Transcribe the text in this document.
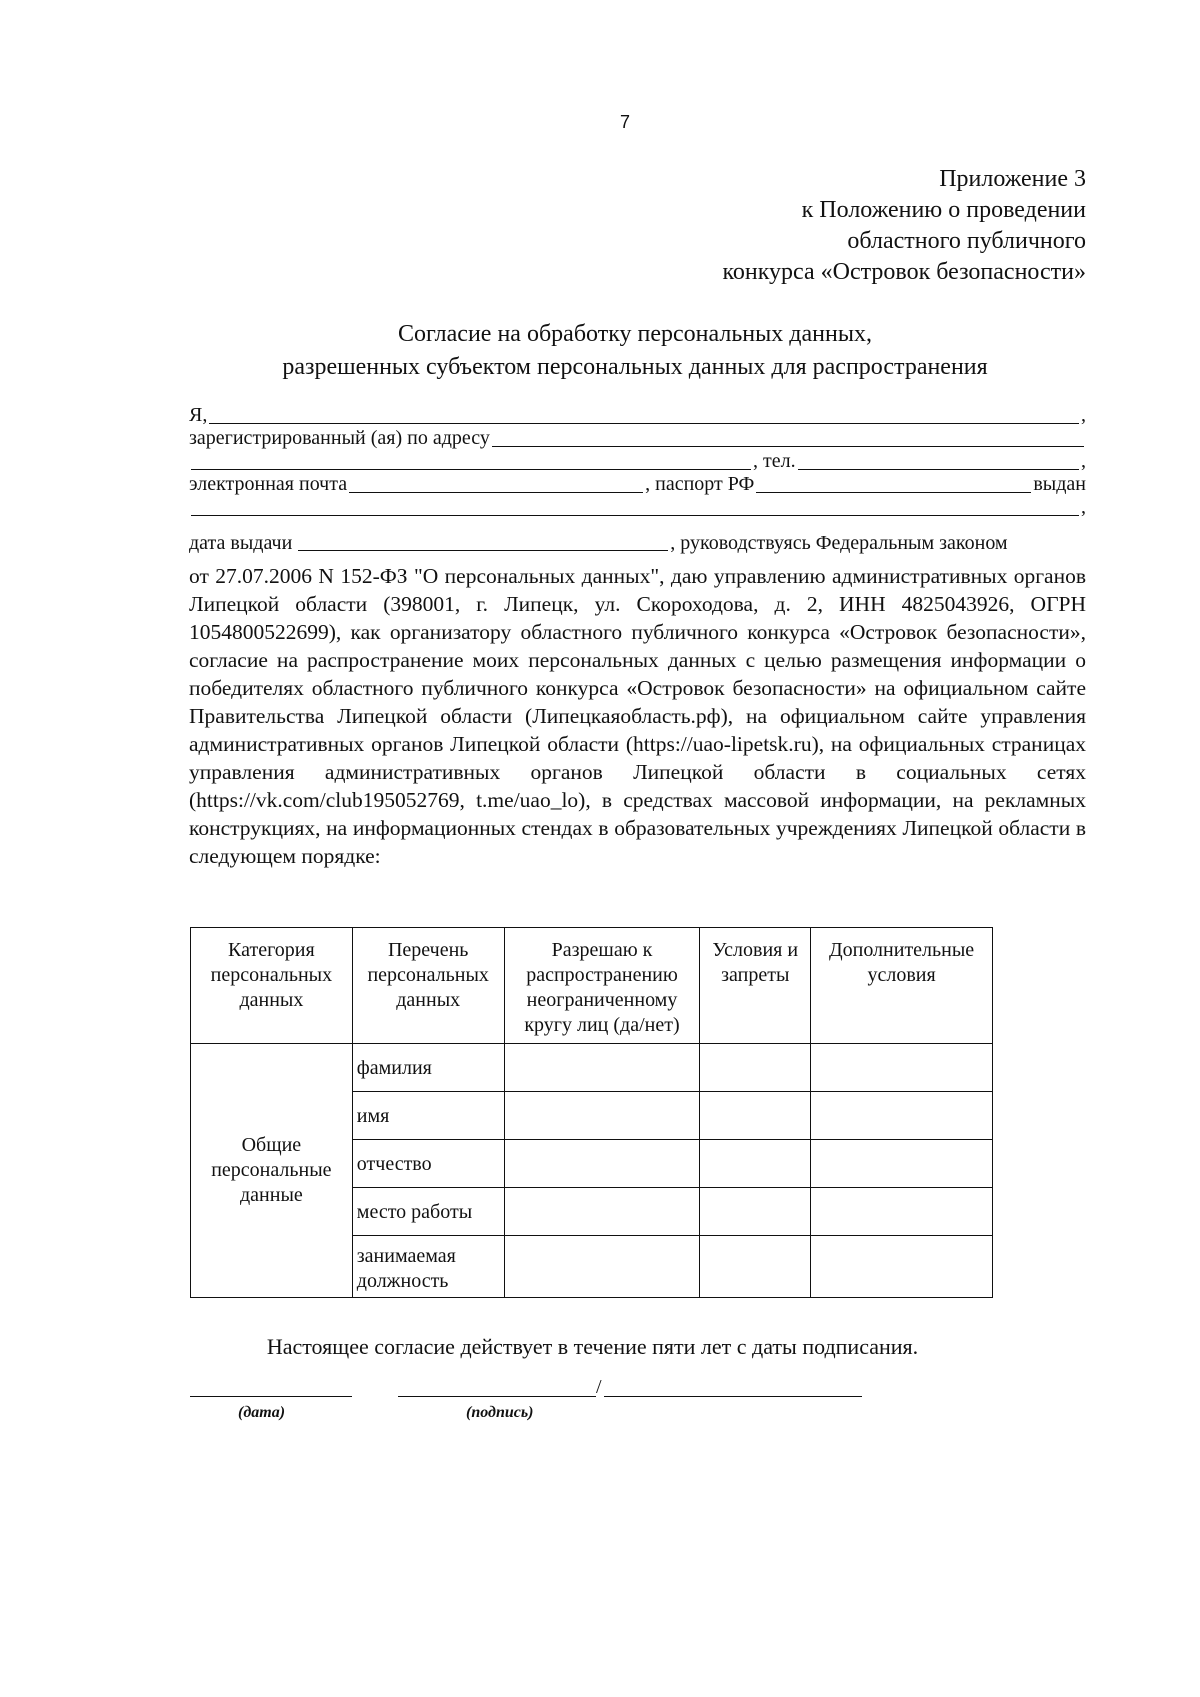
7
Приложение 3
к Положению о проведении
областного публичного
конкурса «Островок безопасности»
Согласие на обработку персональных данных,
разрешенных субъектом персональных данных для распространения
Я,	,
зарегистрированный (ая) по адресу
, тел.	,
электронная почта	, паспорт РФ	выдан
,
дата выдачи	, руководствуясь Федеральным законом

от 27.07.2006 N 152-ФЗ "О персональных данных", даю управлению административных органов Липецкой области (398001, г. Липецк, ул. Скороходова, д. 2, ИНН 4825043926, ОГРН 1054800522699), как организатору областного публичного конкурса «Островок безопасности», согласие на распространение моих персональных данных с целью размещения информации о победителях областного публичного конкурса «Островок безопасности» на официальном сайте Правительства Липецкой области (Липецкаяобласть.рф), на официальном сайте управления административных органов Липецкой области (https://uao-lipetsk.ru), на официальных страницах управления административных органов Липецкой области в социальных сетях (https://vk.com/club195052769, t.me/uao_lo), в средствах массовой информации, на рекламных конструкциях, на информационных стендах в образовательных учреждениях Липецкой области в следующем порядке:

Категория персональных данных	Перечень персональных данных	Разрешаю к распространению неограниченному кругу лиц (да/нет)	Условия и запреты	Дополнительные условия
Общие персональные данные	фамилия			
	имя			
	отчество			
	место работы			
	занимаемая должность			
Настоящее согласие действует в течение пяти лет с даты подписания.
(дата)	(подпись)
/
